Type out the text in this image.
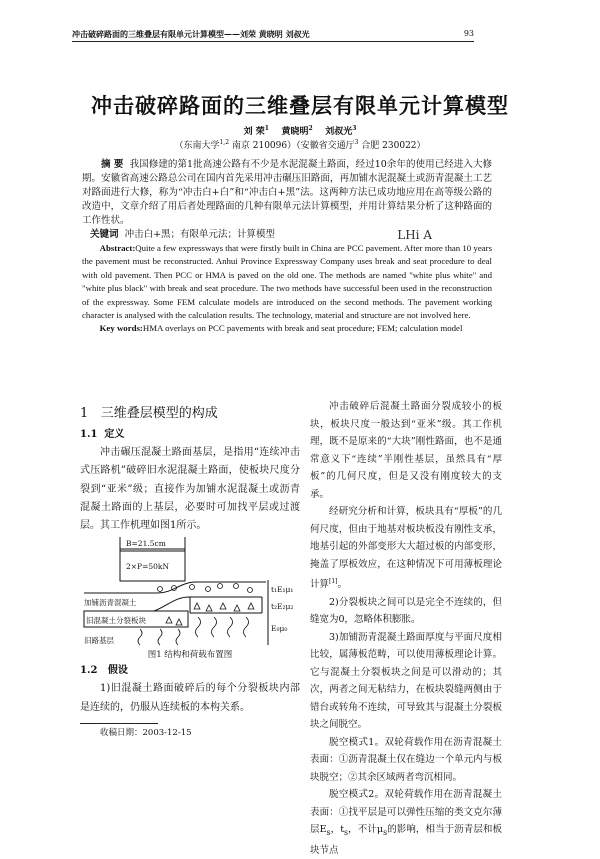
冲击破碎路面的三维叠层有限单元计算模型——刘荣 黄晓明 刘叔光	93
冲击破碎路面的三维叠层有限单元计算模型
刘 荣$^1$ 黄晓明$^2$ 刘叔光$^3$
（东南大学$^{1,2}$ 南京 210096）（安徽省交通厅$^3$ 合肥 230022）
摘 要 我国修建的第1批高速公路有不少是水泥混凝土路面，经过10余年的使用已经进入大修期。安徽省高速公路总公司在国内首先采用冲击碾压旧路面，再加铺水泥混凝土或沥青混凝土工艺对路面进行大修，称为“冲击白+白”和“冲击白+黑”法。这两种方法已成功地应用在高等级公路的改造中，文章介绍了用后者处理路面的几种有限单元法计算模型，并用计算结果分析了这种路面的工作性状。
LHi A
关键词 冲击白+黑；有限单元法；计算模型
Abstract:Quite a few expressways that were firstly built in China are PCC pavement. After more than 10 years the pavement must be reconstructed. Anhui Province Expressway Company uses break and seat procedure to deal with old pavement. Then PCC or HMA is paved on the old one. The methods are named "white plus white" and "white plus black" with break and seat procedure. The two methods have successful been used in the reconstruction of the expressway. Some FEM calculate models are introduced on the second methods. The pavement working character is analysed with the calculation results. The technology, material and structure are not involved here.
Key words:HMA overlays on PCC pavements with break and seat procedure; FEM; calculation model
1 三维叠层模型的构成
1.1 定义
冲击碾压混凝土路面基层，是指用“连续冲击式压路机”破碎旧水泥混凝土路面，使板块尺度分裂到“亚米”级；直接作为加铺水泥混凝土或沥青混凝土路面的上基层，必要时可加找平层或过渡层。其工作机理如图1所示。
B=21.5cm
2×P=50kN
加铺沥青混凝土
旧混凝土分裂板块
旧路基层
t₁E₁μ₁
t₂E₂μ₂
E₀μ₀
图1 结构和荷载布置图
1.2 假设
1)旧混凝土路面破碎后的每个分裂板块内部是连续的，仍服从连续板的本构关系。
收稿日期：2003-12-15
冲击破碎后混凝土路面分裂成较小的板块，板块尺度一般达到“亚米”级。其工作机理，既不是原来的“大块”刚性路面，也不是通常意义下“连续”半刚性基层，虽然具有“厚板”的几何尺度，但是又没有刚度较大的支承。
经研究分析和计算，板块具有“厚板”的几何尺度，但由于地基对板块板没有刚性支承，地基引起的外部变形大大超过板的内部变形，掩盖了厚板效应，在这种情况下可用薄板理论计算[1]。
2)分裂板块之间可以是完全不连续的，但缝宽为0，忽略体积膨胀。
3)加铺沥青混凝土路面厚度与平面尺度相比较，属薄板范畴，可以使用薄板理论计算。它与混凝土分裂板块之间是可以滑动的；其次，两者之间无粘结力，在板块裂缝两侧由于错台或转角不连续，可导致其与混凝土分裂板块之间脱空。
脱空模式1。双轮荷载作用在沥青混凝土表面：①沥青混凝土仅在缝边一个单元内与板块脱空；②其余区域两者弯沉相同。
脱空模式2。双轮荷载作用在沥青混凝土表面：①找平层是可以弹性压缩的类文克尔薄层$E_s$，$t_s$，不计$\mu_s$的影响，相当于沥青层和板块节点
